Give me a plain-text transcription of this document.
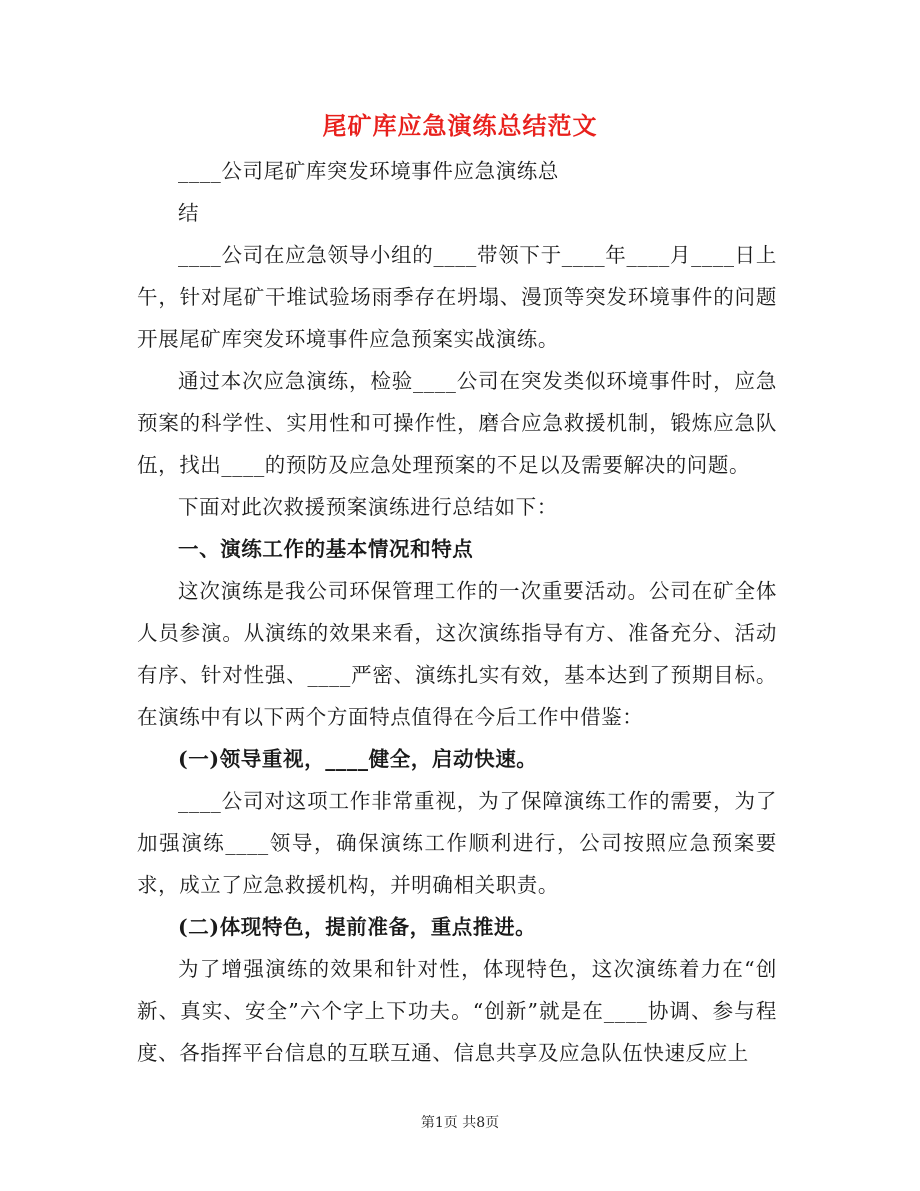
尾矿库应急演练总结范文

____公司尾矿库突发环境事件应急演练总

结

____公司在应急领导小组的____带领下于____年____月____日上午，针对尾矿干堆试验场雨季存在坍塌、漫顶等突发环境事件的问题开展尾矿库突发环境事件应急预案实战演练。

通过本次应急演练，检验____公司在突发类似环境事件时，应急预案的科学性、实用性和可操作性，磨合应急救援机制，锻炼应急队伍，找出____的预防及应急处理预案的不足以及需要解决的问题。

下面对此次救援预案演练进行总结如下：

一、演练工作的基本情况和特点

这次演练是我公司环保管理工作的一次重要活动。公司在矿全体人员参演。从演练的效果来看，这次演练指导有方、准备充分、活动有序、针对性强、____严密、演练扎实有效，基本达到了预期目标。在演练中有以下两个方面特点值得在今后工作中借鉴：

(一)领导重视，____健全，启动快速。

____公司对这项工作非常重视，为了保障演练工作的需要，为了加强演练____领导，确保演练工作顺利进行，公司按照应急预案要求，成立了应急救援机构，并明确相关职责。

(二)体现特色，提前准备，重点推进。

为了增强演练的效果和针对性，体现特色，这次演练着力在“创新、真实、安全”六个字上下功夫。“创新”就是在____协调、参与程度、各指挥平台信息的互联互通、信息共享及应急队伍快速反应上

第1页 共8页
